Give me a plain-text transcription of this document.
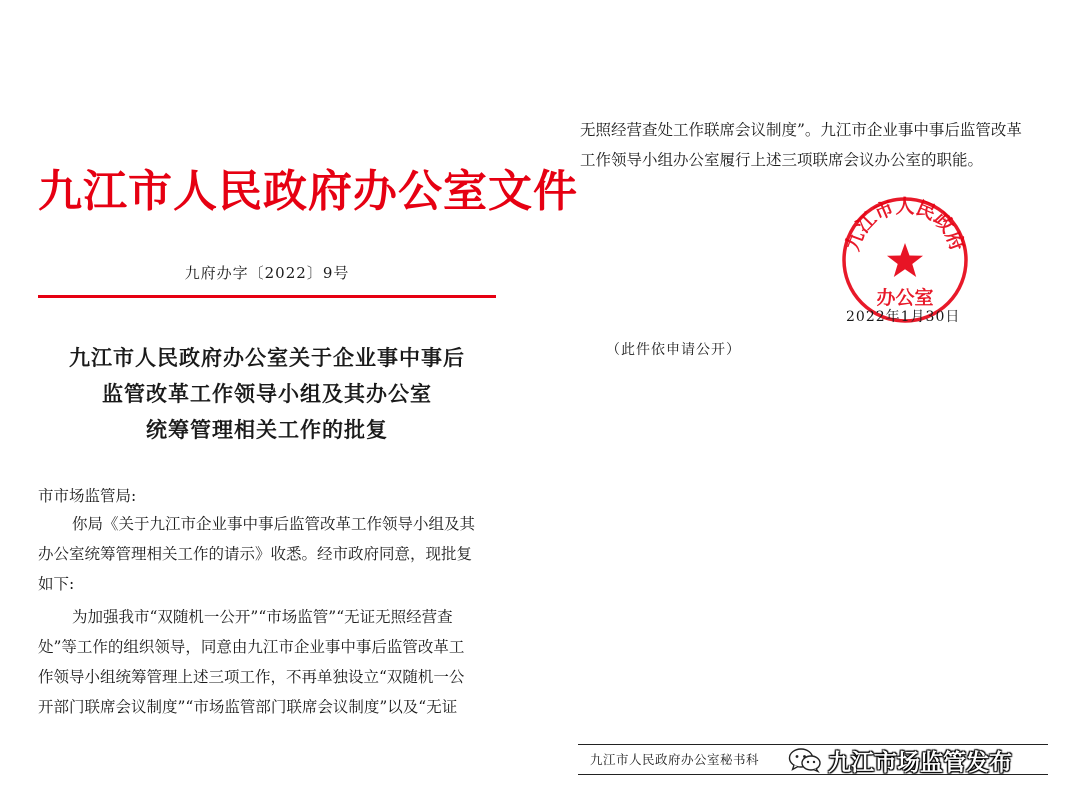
九江市人民政府办公室文件
九府办字〔2022〕9号
九江市人民政府办公室关于企业事中事后
监管改革工作领导小组及其办公室
统筹管理相关工作的批复
市市场监管局:
你局《关于九江市企业事中事后监管改革工作领导小组及其
办公室统筹管理相关工作的请示》收悉。经市政府同意，现批复
如下:
为加强我市“双随机一公开”“市场监管”“无证无照经营查
处”等工作的组织领导，同意由九江市企业事中事后监管改革工
作领导小组统筹管理上述三项工作，不再单独设立“双随机一公
开部门联席会议制度”“市场监管部门联席会议制度”以及“无证
无照经营查处工作联席会议制度”。九江市企业事中事后监管改革
工作领导小组办公室履行上述三项联席会议办公室的职能。
九江市人民政府
办公室
2022年1月30日
（此件依申请公开）
九江市人民政府办公室秘书科	九江市场监管发布
